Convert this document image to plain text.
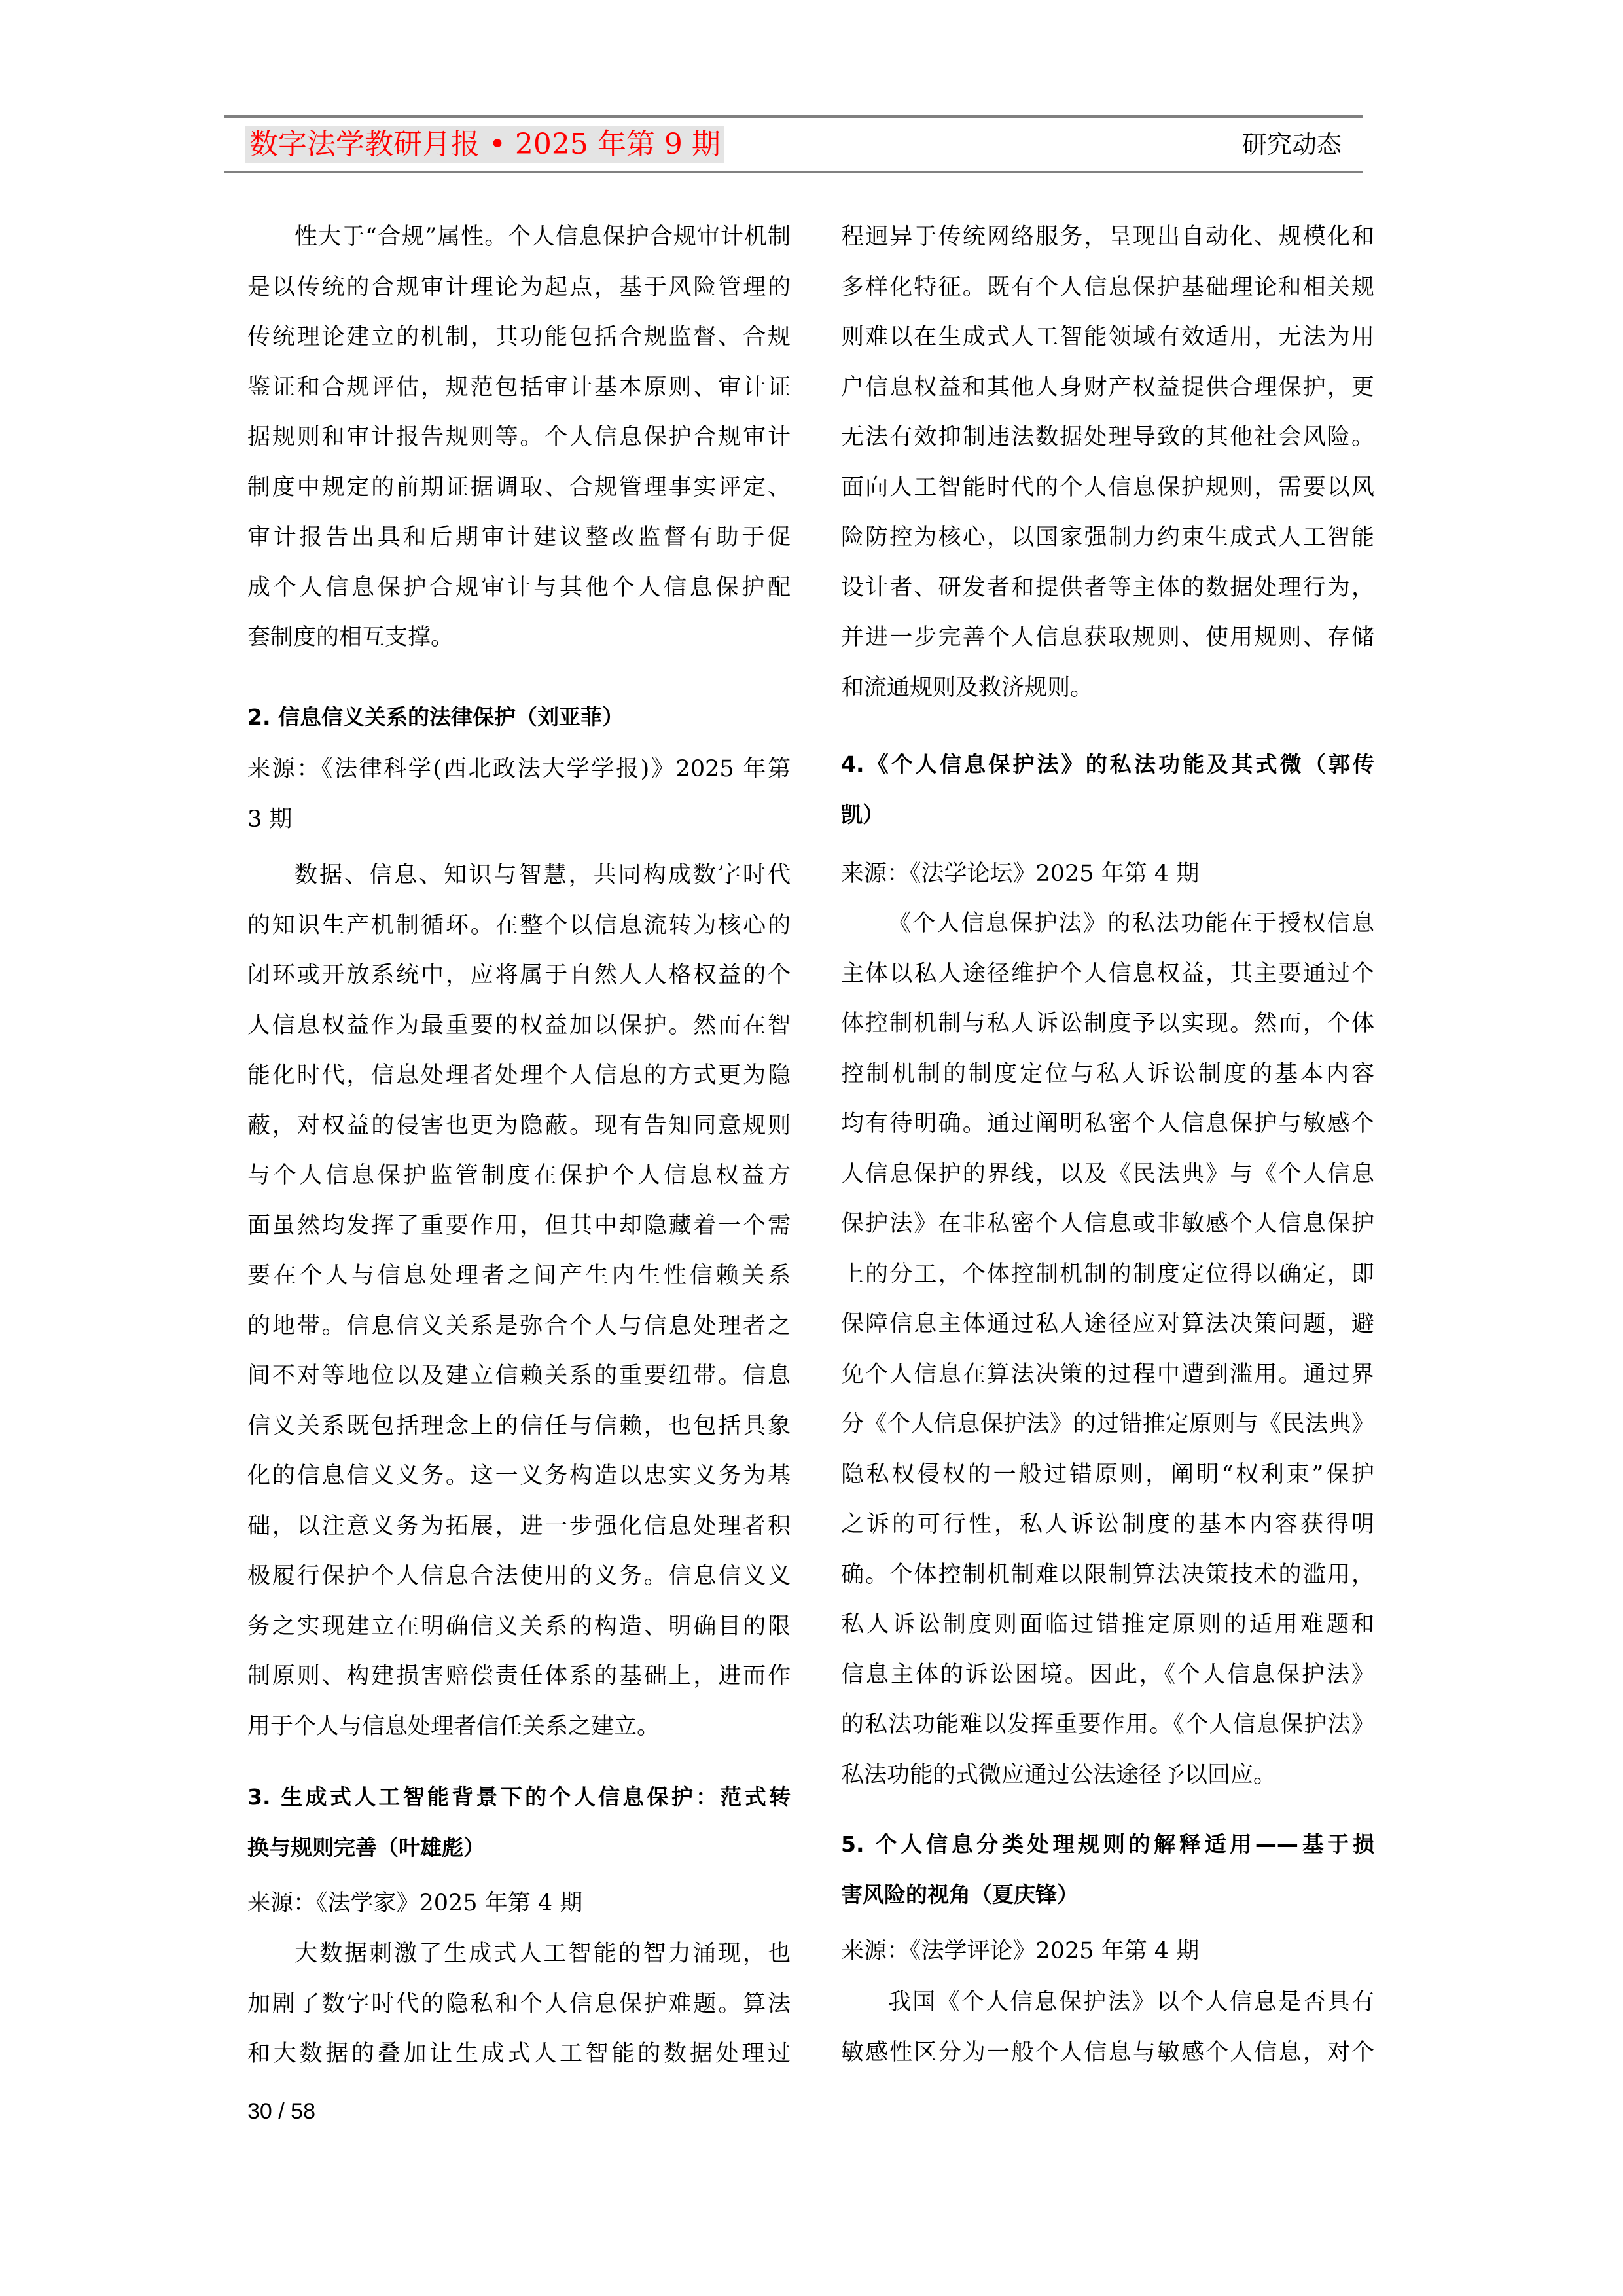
数字法学教研月报 • 2025 年第 9 期	研究动态
性大于“合规”属性。个人信息保护合规审计机制
是以传统的合规审计理论为起点，基于风险管理的
传统理论建立的机制，其功能包括合规监督、合规
鉴证和合规评估，规范包括审计基本原则、审计证
据规则和审计报告规则等。个人信息保护合规审计
制度中规定的前期证据调取、合规管理事实评定、
审计报告出具和后期审计建议整改监督有助于促
成个人信息保护合规审计与其他个人信息保护配
套制度的相互支撑。
2. 信息信义关系的法律保护（刘亚菲）
来源：《法律科学(西北政法大学学报)》2025 年第
3 期
数据、信息、知识与智慧，共同构成数字时代
的知识生产机制循环。在整个以信息流转为核心的
闭环或开放系统中，应将属于自然人人格权益的个
人信息权益作为最重要的权益加以保护。然而在智
能化时代，信息处理者处理个人信息的方式更为隐
蔽，对权益的侵害也更为隐蔽。现有告知同意规则
与个人信息保护监管制度在保护个人信息权益方
面虽然均发挥了重要作用，但其中却隐藏着一个需
要在个人与信息处理者之间产生内生性信赖关系
的地带。信息信义关系是弥合个人与信息处理者之
间不对等地位以及建立信赖关系的重要纽带。信息
信义关系既包括理念上的信任与信赖，也包括具象
化的信息信义义务。这一义务构造以忠实义务为基
础，以注意义务为拓展，进一步强化信息处理者积
极履行保护个人信息合法使用的义务。信息信义义
务之实现建立在明确信义关系的构造、明确目的限
制原则、构建损害赔偿责任体系的基础上，进而作
用于个人与信息处理者信任关系之建立。
3. 生成式人工智能背景下的个人信息保护：范式转
换与规则完善（叶雄彪）
来源：《法学家》2025 年第 4 期
大数据刺激了生成式人工智能的智力涌现，也
加剧了数字时代的隐私和个人信息保护难题。算法
和大数据的叠加让生成式人工智能的数据处理过
程迥异于传统网络服务，呈现出自动化、规模化和
多样化特征。既有个人信息保护基础理论和相关规
则难以在生成式人工智能领域有效适用，无法为用
户信息权益和其他人身财产权益提供合理保护，更
无法有效抑制违法数据处理导致的其他社会风险。
面向人工智能时代的个人信息保护规则，需要以风
险防控为核心，以国家强制力约束生成式人工智能
设计者、研发者和提供者等主体的数据处理行为，
并进一步完善个人信息获取规则、使用规则、存储
和流通规则及救济规则。
4.《个人信息保护法》的私法功能及其式微（郭传
凯）
来源：《法学论坛》2025 年第 4 期
《个人信息保护法》的私法功能在于授权信息
主体以私人途径维护个人信息权益，其主要通过个
体控制机制与私人诉讼制度予以实现。然而，个体
控制机制的制度定位与私人诉讼制度的基本内容
均有待明确。通过阐明私密个人信息保护与敏感个
人信息保护的界线，以及《民法典》与《个人信息
保护法》在非私密个人信息或非敏感个人信息保护
上的分工，个体控制机制的制度定位得以确定，即
保障信息主体通过私人途径应对算法决策问题，避
免个人信息在算法决策的过程中遭到滥用。通过界
分《个人信息保护法》的过错推定原则与《民法典》
隐私权侵权的一般过错原则，阐明“权利束”保护
之诉的可行性，私人诉讼制度的基本内容获得明
确。个体控制机制难以限制算法决策技术的滥用，
私人诉讼制度则面临过错推定原则的适用难题和
信息主体的诉讼困境。因此，《个人信息保护法》
的私法功能难以发挥重要作用。《个人信息保护法》
私法功能的式微应通过公法途径予以回应。
5. 个人信息分类处理规则的解释适用——基于损
害风险的视角（夏庆锋）
来源：《法学评论》2025 年第 4 期
我国《个人信息保护法》以个人信息是否具有
敏感性区分为一般个人信息与敏感个人信息，对个
30 / 58
